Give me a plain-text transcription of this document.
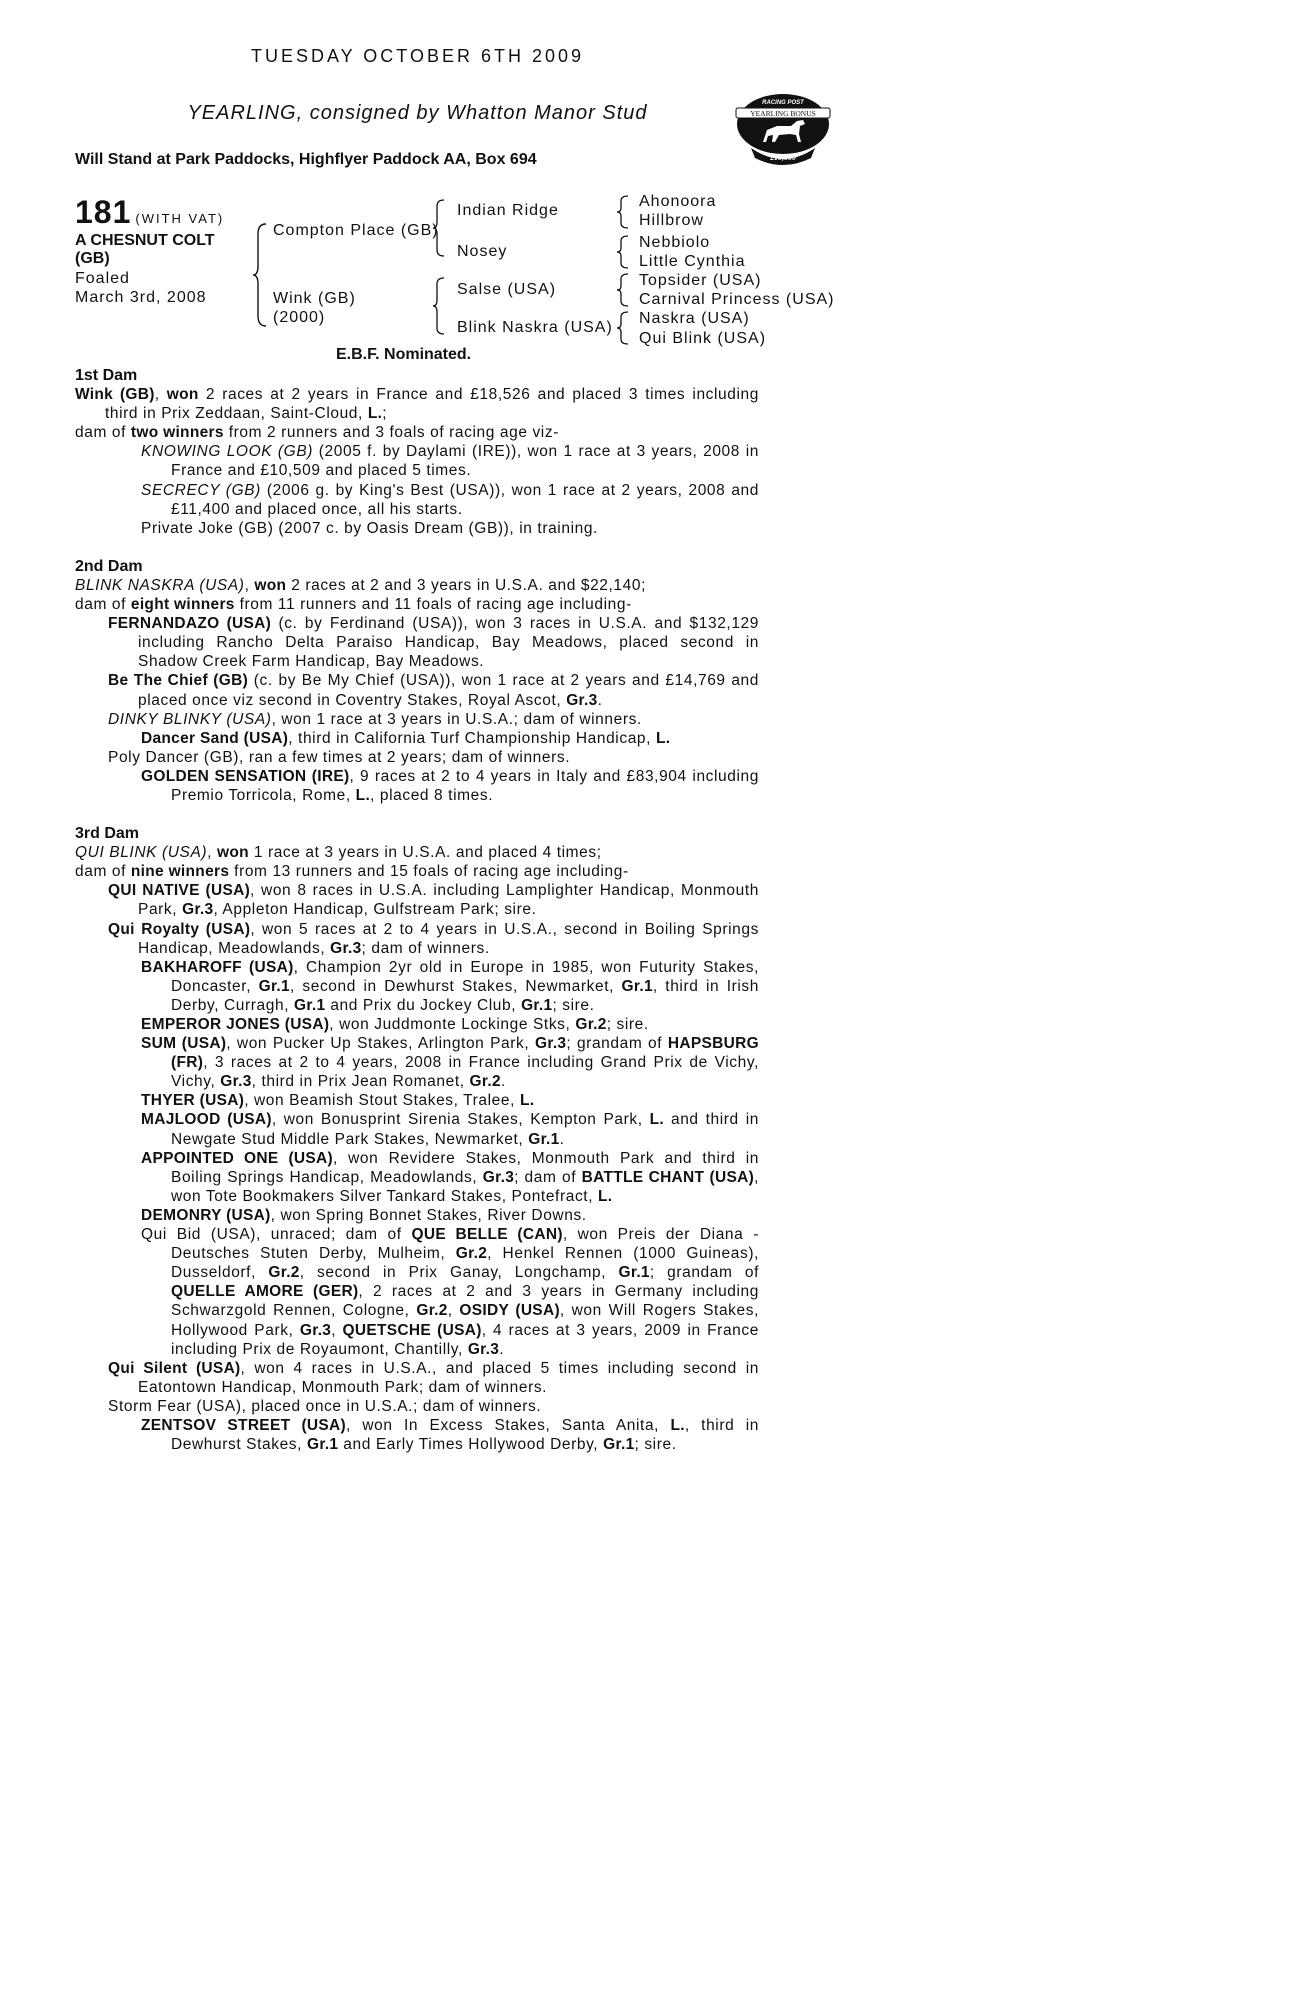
TUESDAY OCTOBER 6TH 2009
YEARLING, consigned by Whatton Manor Stud
Will Stand at Park Paddocks, Highflyer Paddock AA, Box 694
RACING POST
YEARLING BONUS
£10,000
181 (WITH VAT)
A CHESNUT COLT
(GB)
Foaled
March 3rd, 2008
Compton Place (GB)
Wink (GB)
(2000)
Indian Ridge
Nosey
Salse (USA)
Blink Naskra (USA)
Ahonoora
Hillbrow
Nebbiolo
Little Cynthia
Topsider (USA)
Carnival Princess (USA)
Naskra (USA)
Qui Blink (USA)
E.B.F. Nominated.
1st Dam
Wink (GB), won 2 races at 2 years in France and £18,526 and placed 3 times including third in Prix Zeddaan, Saint-Cloud, L.;
dam of two winners from 2 runners and 3 foals of racing age viz-
KNOWING LOOK (GB) (2005 f. by Daylami (IRE)), won 1 race at 3 years, 2008 in France and £10,509 and placed 5 times.
SECRECY (GB) (2006 g. by King's Best (USA)), won 1 race at 2 years, 2008 and £11,400 and placed once, all his starts.
Private Joke (GB) (2007 c. by Oasis Dream (GB)), in training.
2nd Dam
BLINK NASKRA (USA), won 2 races at 2 and 3 years in U.S.A. and $22,140;
dam of eight winners from 11 runners and 11 foals of racing age including-
FERNANDAZO (USA) (c. by Ferdinand (USA)), won 3 races in U.S.A. and $132,129 including Rancho Delta Paraiso Handicap, Bay Meadows, placed second in Shadow Creek Farm Handicap, Bay Meadows.
Be The Chief (GB) (c. by Be My Chief (USA)), won 1 race at 2 years and £14,769 and placed once viz second in Coventry Stakes, Royal Ascot, Gr.3.
DINKY BLINKY (USA), won 1 race at 3 years in U.S.A.; dam of winners.
Dancer Sand (USA), third in California Turf Championship Handicap, L.
Poly Dancer (GB), ran a few times at 2 years; dam of winners.
GOLDEN SENSATION (IRE), 9 races at 2 to 4 years in Italy and £83,904 including Premio Torricola, Rome, L., placed 8 times.
3rd Dam
QUI BLINK (USA), won 1 race at 3 years in U.S.A. and placed 4 times;
dam of nine winners from 13 runners and 15 foals of racing age including-
QUI NATIVE (USA), won 8 races in U.S.A. including Lamplighter Handicap, Monmouth Park, Gr.3, Appleton Handicap, Gulfstream Park; sire.
Qui Royalty (USA), won 5 races at 2 to 4 years in U.S.A., second in Boiling Springs Handicap, Meadowlands, Gr.3; dam of winners.
BAKHAROFF (USA), Champion 2yr old in Europe in 1985, won Futurity Stakes, Doncaster, Gr.1, second in Dewhurst Stakes, Newmarket, Gr.1, third in Irish Derby, Curragh, Gr.1 and Prix du Jockey Club, Gr.1; sire.
EMPEROR JONES (USA), won Juddmonte Lockinge Stks, Gr.2; sire.
SUM (USA), won Pucker Up Stakes, Arlington Park, Gr.3; grandam of HAPSBURG (FR), 3 races at 2 to 4 years, 2008 in France including Grand Prix de Vichy, Vichy, Gr.3, third in Prix Jean Romanet, Gr.2.
THYER (USA), won Beamish Stout Stakes, Tralee, L.
MAJLOOD (USA), won Bonusprint Sirenia Stakes, Kempton Park, L. and third in Newgate Stud Middle Park Stakes, Newmarket, Gr.1.
APPOINTED ONE (USA), won Revidere Stakes, Monmouth Park and third in Boiling Springs Handicap, Meadowlands, Gr.3; dam of BATTLE CHANT (USA), won Tote Bookmakers Silver Tankard Stakes, Pontefract, L.
DEMONRY (USA), won Spring Bonnet Stakes, River Downs.
Qui Bid (USA), unraced; dam of QUE BELLE (CAN), won Preis der Diana - Deutsches Stuten Derby, Mulheim, Gr.2, Henkel Rennen (1000 Guineas), Dusseldorf, Gr.2, second in Prix Ganay, Longchamp, Gr.1; grandam of QUELLE AMORE (GER), 2 races at 2 and 3 years in Germany including Schwarzgold Rennen, Cologne, Gr.2, OSIDY (USA), won Will Rogers Stakes, Hollywood Park, Gr.3, QUETSCHE (USA), 4 races at 3 years, 2009 in France including Prix de Royaumont, Chantilly, Gr.3.
Qui Silent (USA), won 4 races in U.S.A., and placed 5 times including second in Eatontown Handicap, Monmouth Park; dam of winners.
Storm Fear (USA), placed once in U.S.A.; dam of winners.
ZENTSOV STREET (USA), won In Excess Stakes, Santa Anita, L., third in Dewhurst Stakes, Gr.1 and Early Times Hollywood Derby, Gr.1; sire.
